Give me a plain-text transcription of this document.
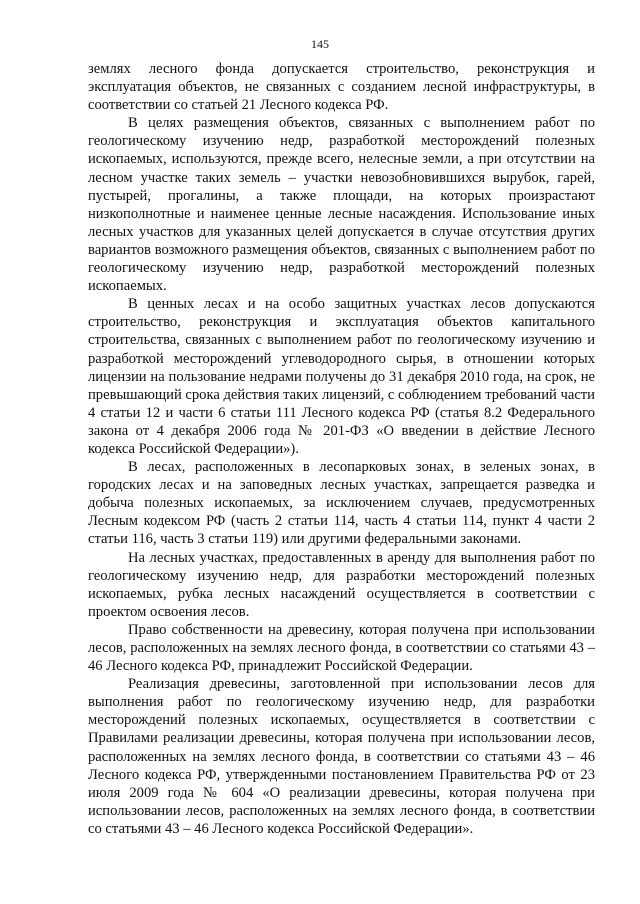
145

землях лесного фонда допускается строительство, реконструкция и эксплуатация объектов, не связанных с созданием лесной инфраструктуры, в соответствии со статьей 21 Лесного кодекса РФ.

В целях размещения объектов, связанных с выполнением работ по геологическому изучению недр, разработкой месторождений полезных ископаемых, используются, прежде всего, нелесные земли, а при отсутствии на лесном участке таких земель – участки невозобновившихся вырубок, гарей, пустырей, прогалины, а также площади, на которых произрастают низкополнотные и наименее ценные лесные насаждения. Использование иных лесных участков для указанных целей допускается в случае отсутствия других вариантов возможного размещения объектов, связанных с выполнением работ по геологическому изучению недр, разработкой месторождений полезных ископаемых.

В ценных лесах и на особо защитных участках лесов допускаются строительство, реконструкция и эксплуатация объектов капитального строительства, связанных с выполнением работ по геологическому изучению и разработкой месторождений углеводородного сырья, в отношении которых лицензии на пользование недрами получены до 31 декабря 2010 года, на срок, не превышающий срока действия таких лицензий, с соблюдением требований части 4 статьи 12 и части 6 статьи 111 Лесного кодекса РФ (статья 8.2 Федерального закона от 4 декабря 2006 года № 201-ФЗ «О введении в действие Лесного кодекса Российской Федерации»).

В лесах, расположенных в лесопарковых зонах, в зеленых зонах, в городских лесах и на заповедных лесных участках, запрещается разведка и добыча полезных ископаемых, за исключением случаев, предусмотренных Лесным кодексом РФ (часть 2 статьи 114, часть 4 статьи 114, пункт 4 части 2 статьи 116, часть 3 статьи 119) или другими федеральными законами.

На лесных участках, предоставленных в аренду для выполнения работ по геологическому изучению недр, для разработки месторождений полезных ископаемых, рубка лесных насаждений осуществляется в соответствии с проектом освоения лесов.

Право собственности на древесину, которая получена при использовании лесов, расположенных на землях лесного фонда, в соответствии со статьями 43 – 46 Лесного кодекса РФ, принадлежит Российской Федерации.

Реализация древесины, заготовленной при использовании лесов для выполнения работ по геологическому изучению недр, для разработки месторождений полезных ископаемых, осуществляется в соответствии с Правилами реализации древесины, которая получена при использовании лесов, расположенных на землях лесного фонда, в соответствии со статьями 43 – 46 Лесного кодекса РФ, утвержденными постановлением Правительства РФ от 23 июля 2009 года № 604 «О реализации древесины, которая получена при использовании лесов, расположенных на землях лесного фонда, в соответствии со статьями 43 – 46 Лесного кодекса Российской Федерации».
